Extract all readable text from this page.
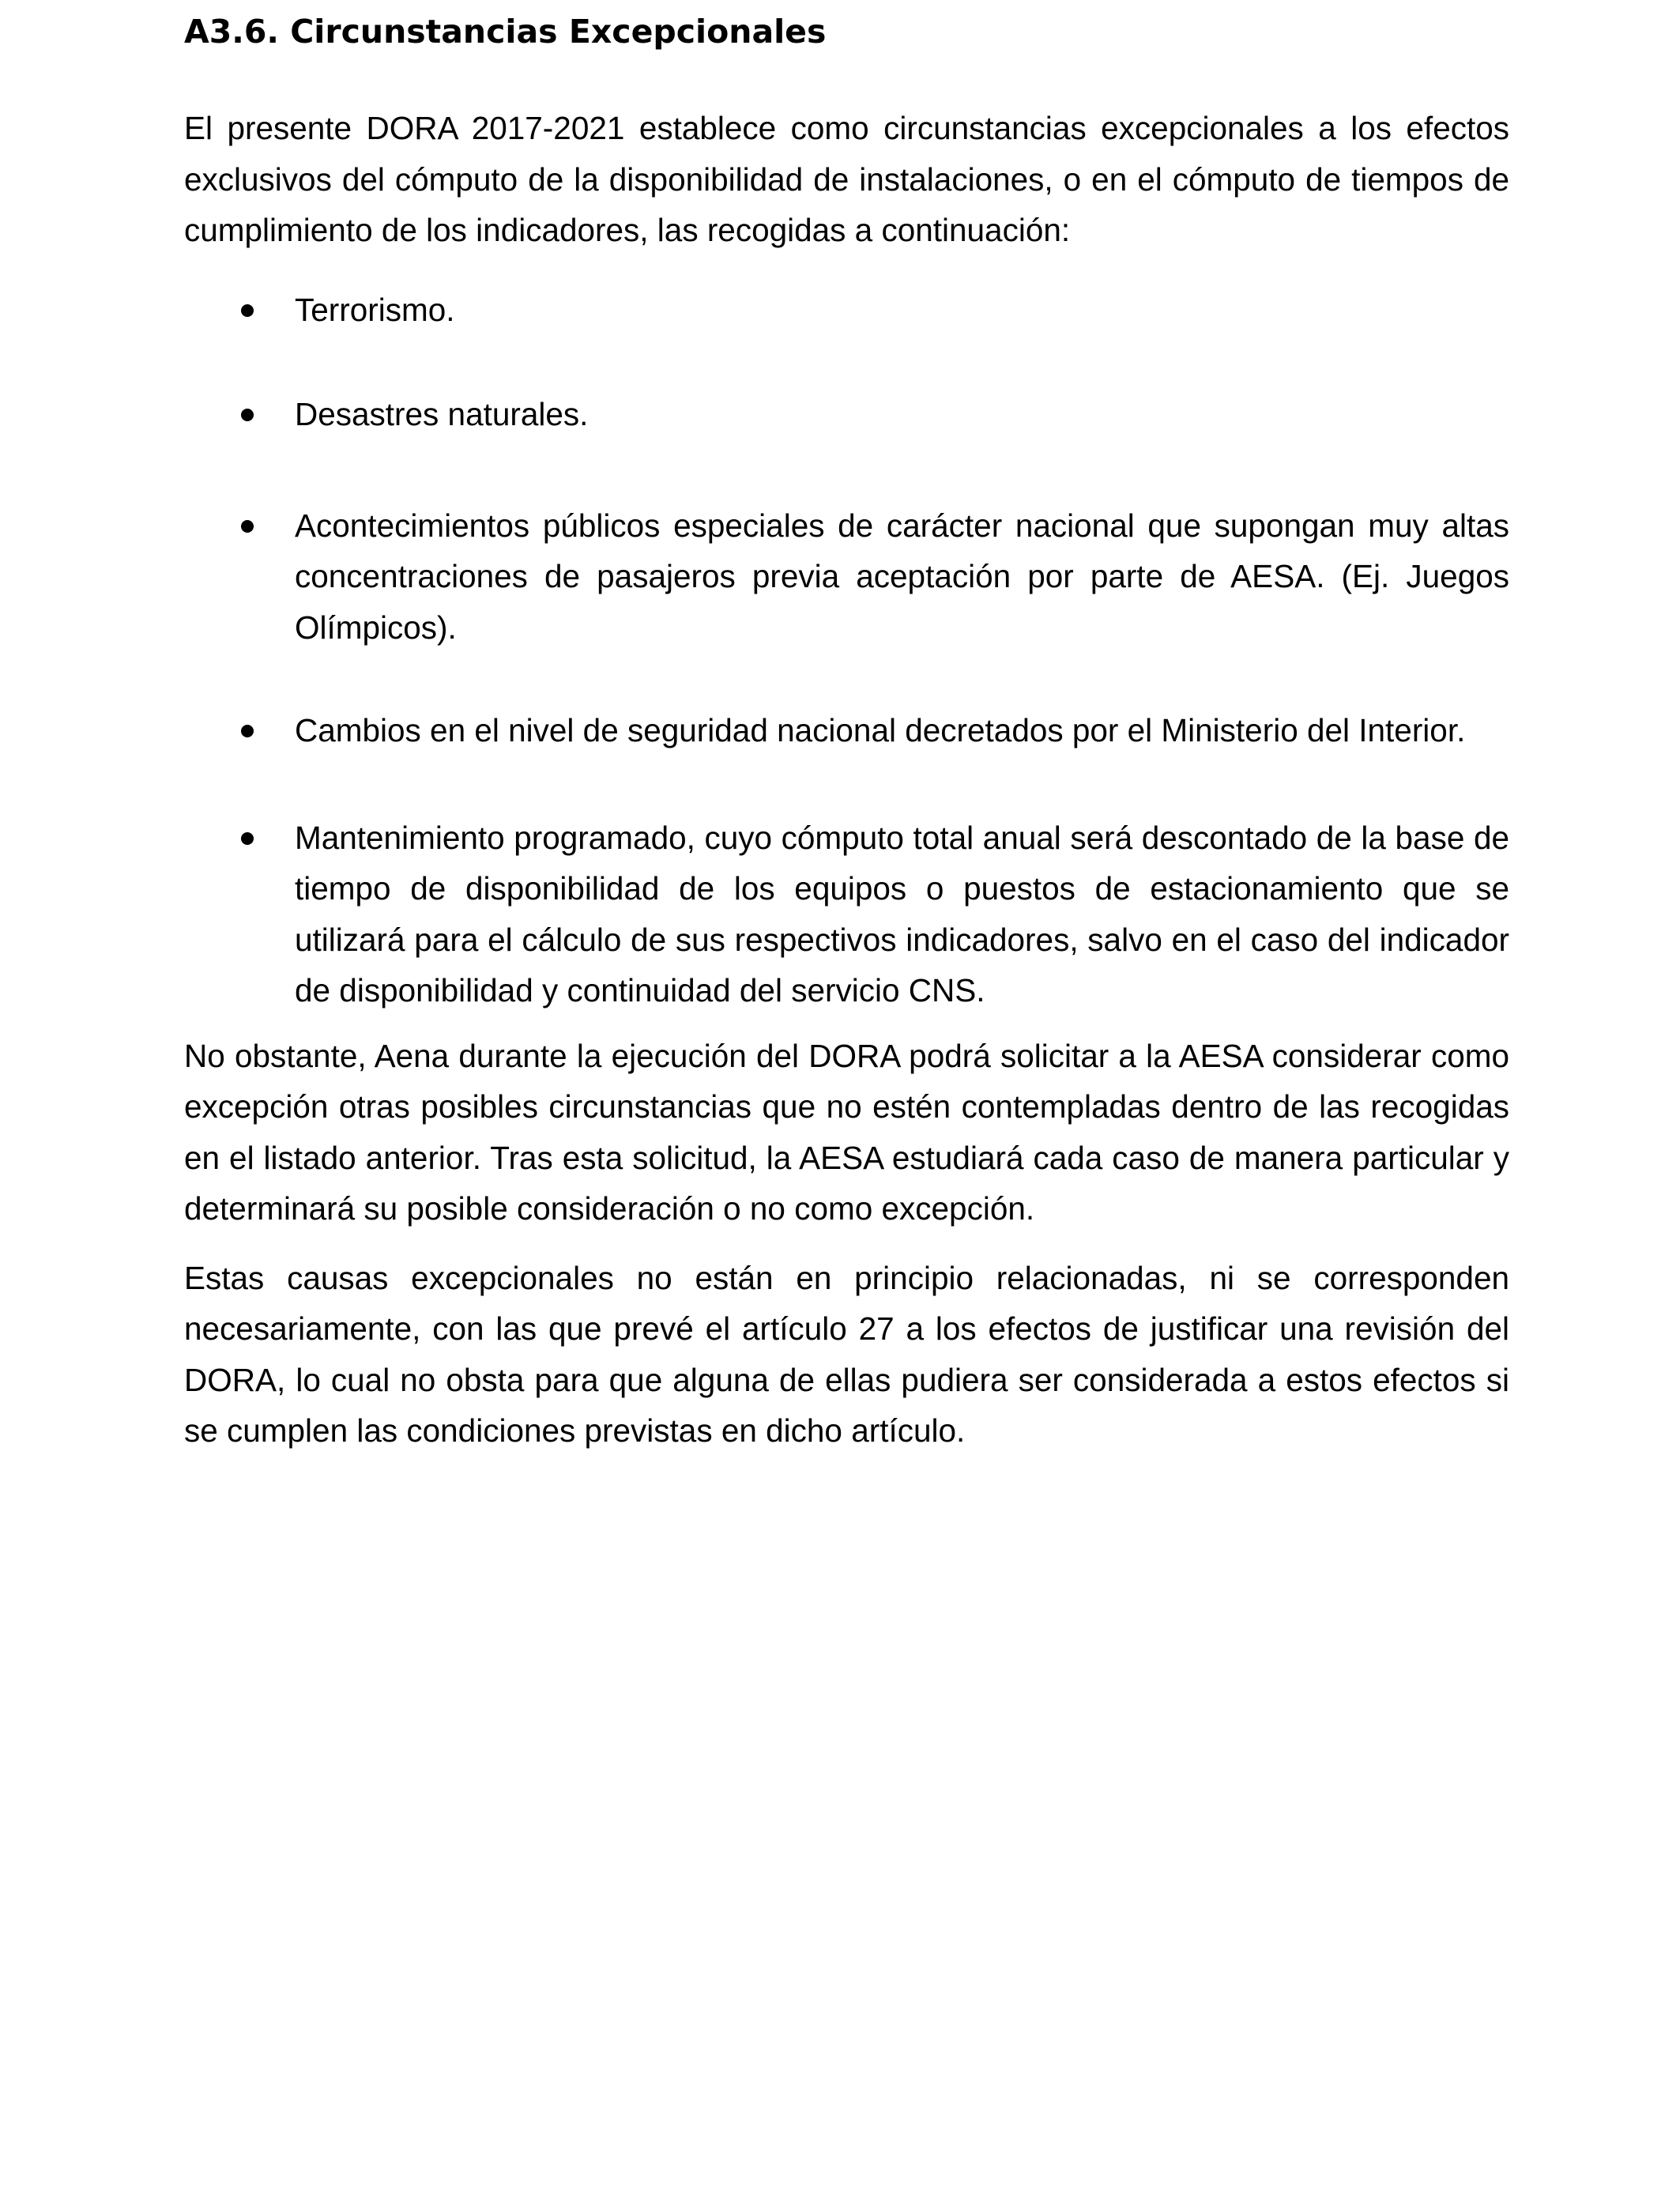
A3.6. Circunstancias Excepcionales

El presente DORA 2017-2021 establece como circunstancias excepcionales a los efectos exclusivos del cómputo de la disponibilidad de instalaciones, o en el cómputo de tiempos de cumplimiento de los indicadores, las recogidas a continuación:

Terrorismo.
Desastres naturales.
Acontecimientos públicos especiales de carácter nacional que supongan muy altas concentraciones de pasajeros previa aceptación por parte de AESA. (Ej. Juegos Olímpicos).
Cambios en el nivel de seguridad nacional decretados por el Ministerio del Interior.
Mantenimiento programado, cuyo cómputo total anual será descontado de la base de tiempo de disponibilidad de los equipos o puestos de estacionamiento que se utilizará para el cálculo de sus respectivos indicadores, salvo en el caso del indicador de disponibilidad y continuidad del servicio CNS.

No obstante, Aena durante la ejecución del DORA podrá solicitar a la AESA considerar como excepción otras posibles circunstancias que no estén contempladas dentro de las recogidas en el listado anterior. Tras esta solicitud, la AESA estudiará cada caso de manera particular y determinará su posible consideración o no como excepción.

Estas causas excepcionales no están en principio relacionadas, ni se corresponden necesariamente, con las que prevé el artículo 27 a los efectos de justificar una revisión del DORA, lo cual no obsta para que alguna de ellas pudiera ser considerada a estos efectos si se cumplen las condiciones previstas en dicho artículo.
